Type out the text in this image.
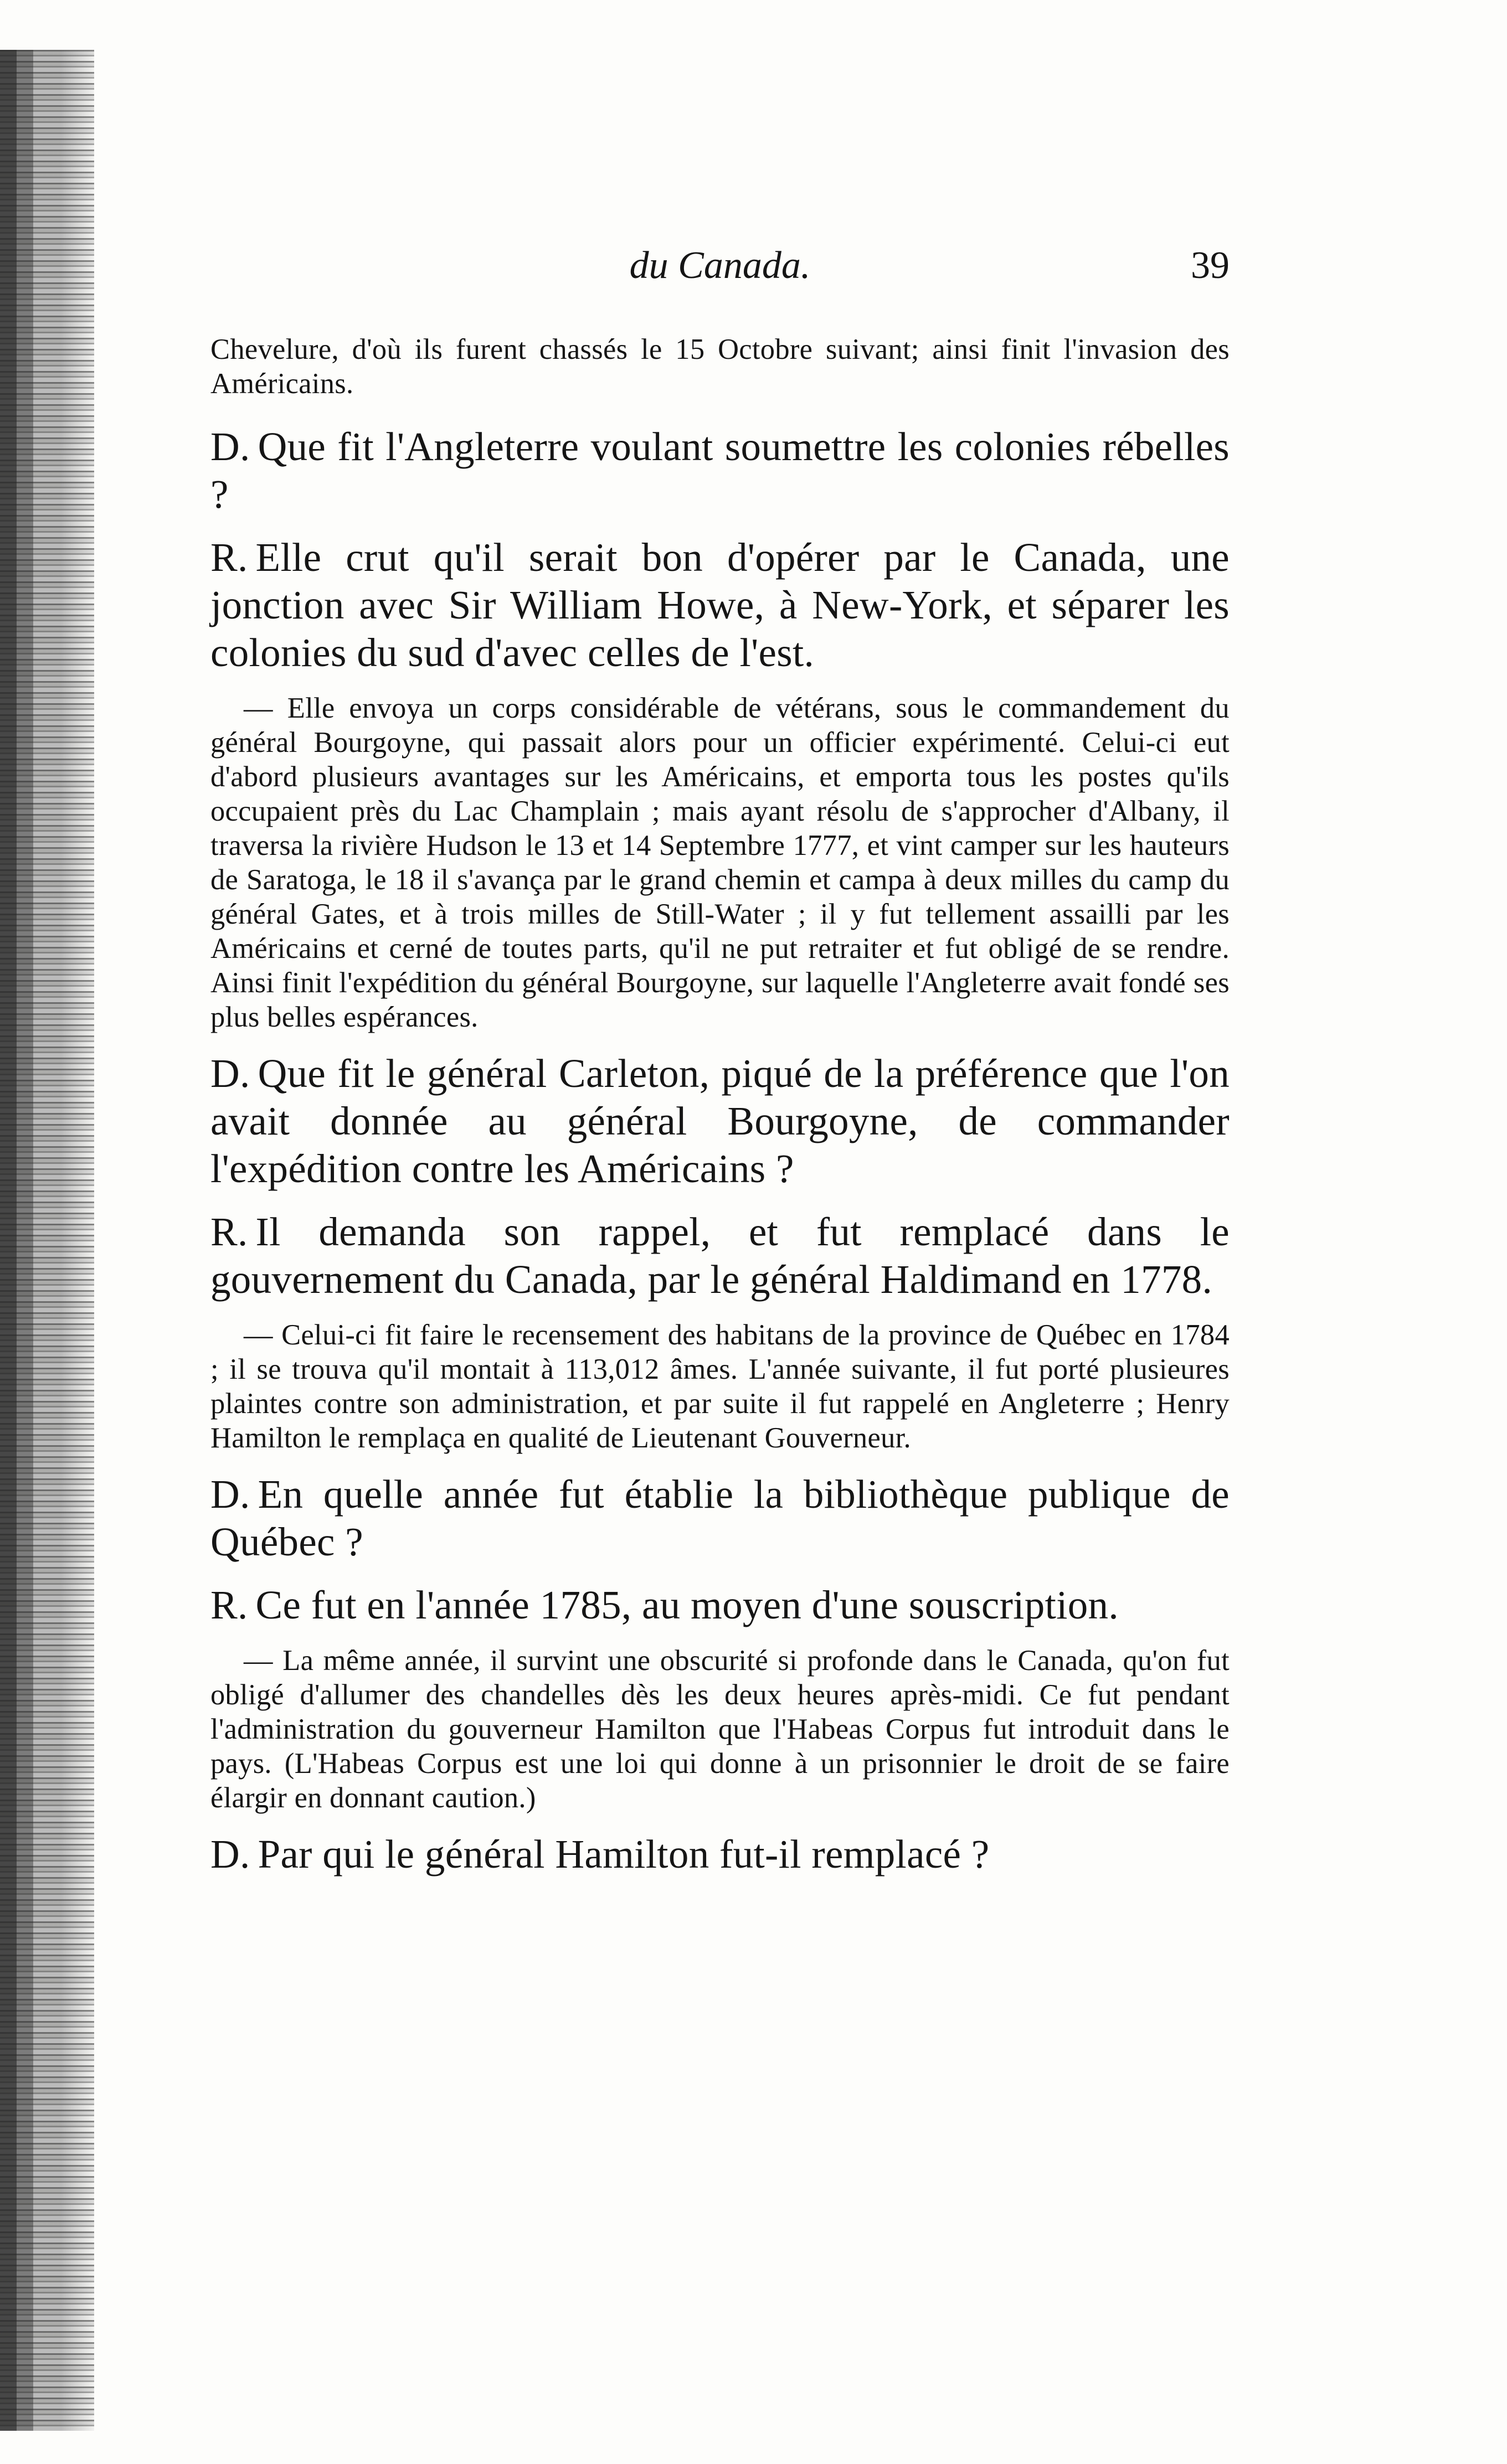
du Canada.	39

Chevelure, d'où ils furent chassés le 15 Octobre suivant; ainsi finit l'invasion des Américains.

D. Que fit l'Angleterre voulant soumettre les colonies rébelles ?

R. Elle crut qu'il serait bon d'opérer par le Canada, une jonction avec Sir William Howe, à New-York, et séparer les colonies du sud d'avec celles de l'est.

— Elle envoya un corps considérable de vétérans, sous le commandement du général Bourgoyne, qui passait alors pour un officier expérimenté. Celui-ci eut d'abord plusieurs avantages sur les Américains, et emporta tous les postes qu'ils occupaient près du Lac Champlain ; mais ayant résolu de s'approcher d'Albany, il traversa la rivière Hudson le 13 et 14 Septembre 1777, et vint camper sur les hauteurs de Saratoga, le 18 il s'avança par le grand chemin et campa à deux milles du camp du général Gates, et à trois milles de Still-Water ; il y fut tellement assailli par les Américains et cerné de toutes parts, qu'il ne put retraiter et fut obligé de se rendre. Ainsi finit l'expédition du général Bourgoyne, sur laquelle l'Angleterre avait fondé ses plus belles espérances.

D. Que fit le général Carleton, piqué de la préférence que l'on avait donnée au général Bourgoyne, de commander l'expédition contre les Américains ?

R. Il demanda son rappel, et fut remplacé dans le gouvernement du Canada, par le général Haldimand en 1778.

— Celui-ci fit faire le recensement des habitans de la province de Québec en 1784 ; il se trouva qu'il montait à 113,012 âmes. L'année suivante, il fut porté plusieures plaintes contre son administration, et par suite il fut rappelé en Angleterre ; Henry Hamilton le remplaça en qualité de Lieutenant Gouverneur.

D. En quelle année fut établie la bibliothèque publique de Québec ?

R. Ce fut en l'année 1785, au moyen d'une souscription.

— La même année, il survint une obscurité si profonde dans le Canada, qu'on fut obligé d'allumer des chandelles dès les deux heures après-midi. Ce fut pendant l'administration du gouverneur Hamilton que l'Habeas Corpus fut introduit dans le pays. (L'Habeas Corpus est une loi qui donne à un prisonnier le droit de se faire élargir en donnant caution.)

D. Par qui le général Hamilton fut-il remplacé ?
